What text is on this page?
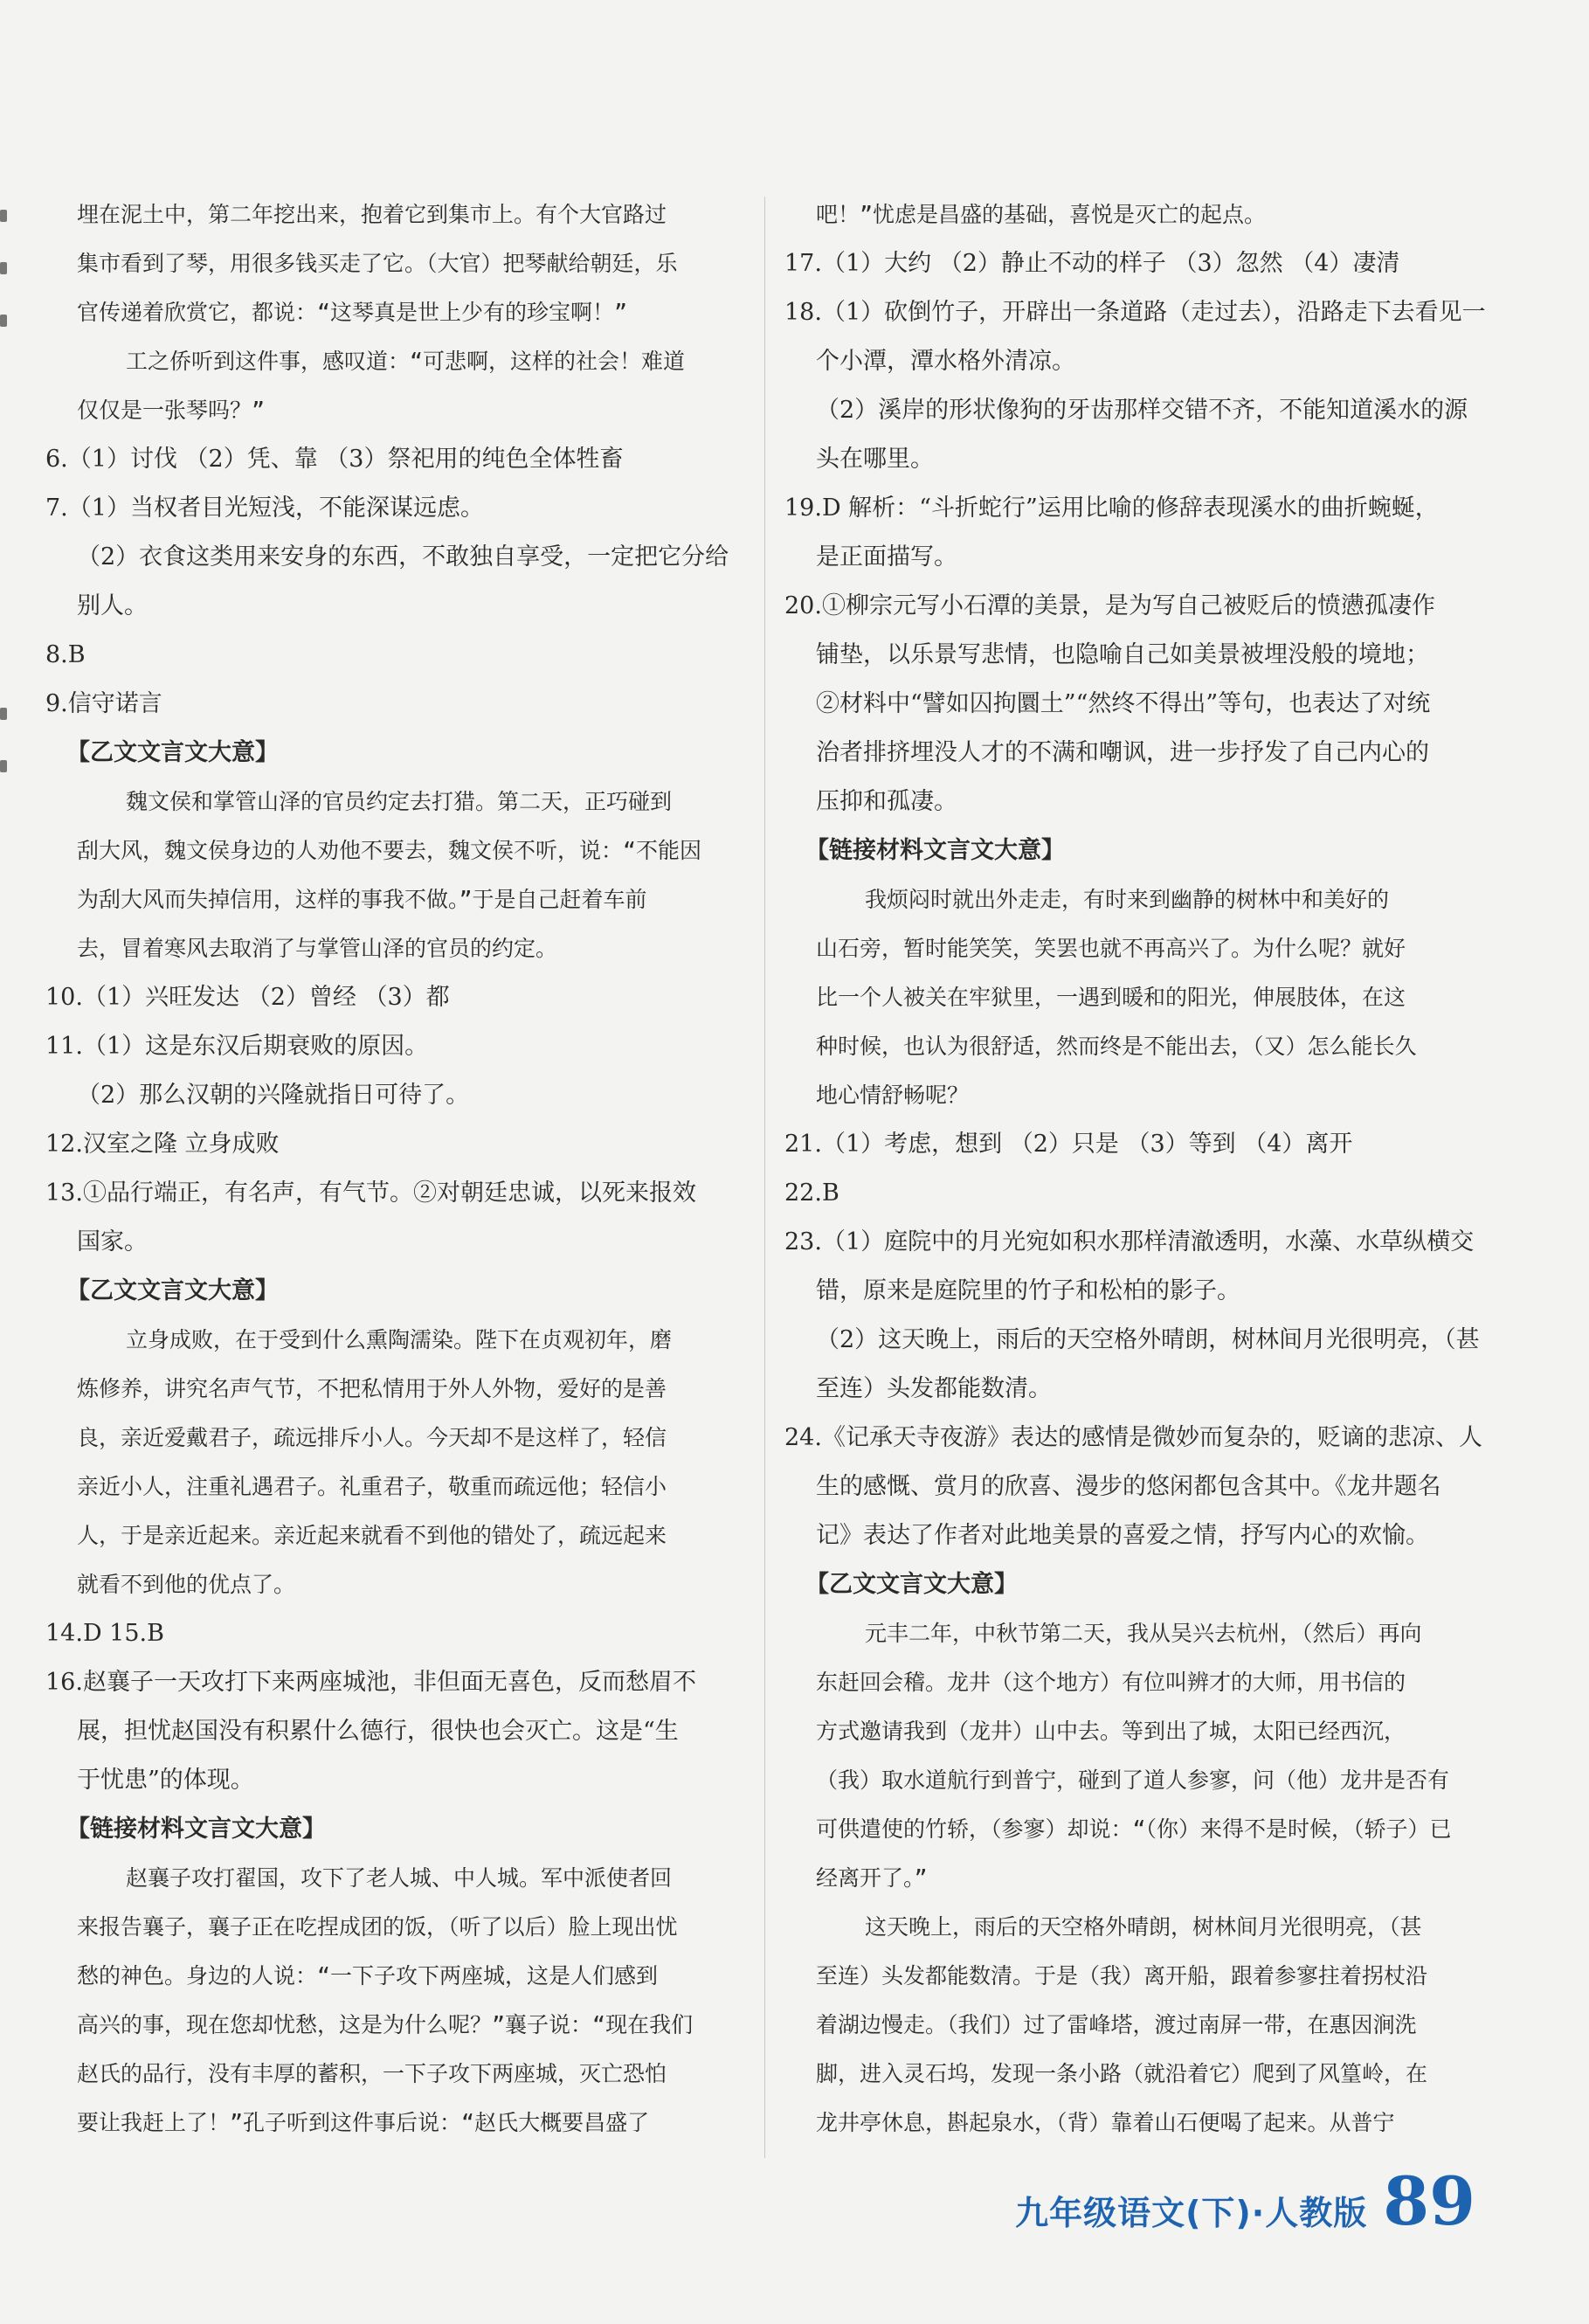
埋在泥土中，第二年挖出来，抱着它到集市上。有个大官路过

集市看到了琴，用很多钱买走了它。（大官）把琴献给朝廷，乐

官传递着欣赏它，都说：“这琴真是世上少有的珍宝啊！”

工之侨听到这件事，感叹道：“可悲啊，这样的社会！难道

仅仅是一张琴吗？”

6.（1）讨伐 （2）凭、靠 （3）祭祀用的纯色全体牲畜

7.（1）当权者目光短浅，不能深谋远虑。

（2）衣食这类用来安身的东西，不敢独自享受，一定把它分给

别人。

8.B

9.信守诺言

【乙文文言文大意】

魏文侯和掌管山泽的官员约定去打猎。第二天，正巧碰到

刮大风，魏文侯身边的人劝他不要去，魏文侯不听，说：“不能因

为刮大风而失掉信用，这样的事我不做。”于是自己赶着车前

去，冒着寒风去取消了与掌管山泽的官员的约定。

10.（1）兴旺发达 （2）曾经 （3）都

11.（1）这是东汉后期衰败的原因。

（2）那么汉朝的兴隆就指日可待了。

12.汉室之隆 立身成败

13.①品行端正，有名声，有气节。②对朝廷忠诚，以死来报效

国家。

【乙文文言文大意】

立身成败，在于受到什么熏陶濡染。陛下在贞观初年，磨

炼修养，讲究名声气节，不把私情用于外人外物，爱好的是善

良，亲近爱戴君子，疏远排斥小人。今天却不是这样了，轻信

亲近小人，注重礼遇君子。礼重君子，敬重而疏远他；轻信小

人，于是亲近起来。亲近起来就看不到他的错处了，疏远起来

就看不到他的优点了。

14.D 15.B

16.赵襄子一天攻打下来两座城池，非但面无喜色，反而愁眉不

展，担忧赵国没有积累什么德行，很快也会灭亡。这是“生

于忧患”的体现。

【链接材料文言文大意】

赵襄子攻打翟国，攻下了老人城、中人城。军中派使者回

来报告襄子，襄子正在吃捏成团的饭，（听了以后）脸上现出忧

愁的神色。身边的人说：“一下子攻下两座城，这是人们感到

高兴的事，现在您却忧愁，这是为什么呢？”襄子说：“现在我们

赵氏的品行，没有丰厚的蓄积，一下子攻下两座城，灭亡恐怕

要让我赶上了！”孔子听到这件事后说：“赵氏大概要昌盛了

吧！”忧虑是昌盛的基础，喜悦是灭亡的起点。

17.（1）大约 （2）静止不动的样子 （3）忽然 （4）凄清

18.（1）砍倒竹子，开辟出一条道路（走过去），沿路走下去看见一

个小潭，潭水格外清凉。

（2）溪岸的形状像狗的牙齿那样交错不齐，不能知道溪水的源

头在哪里。

19.D 解析：“斗折蛇行”运用比喻的修辞表现溪水的曲折蜿蜒，

是正面描写。

20.①柳宗元写小石潭的美景，是为写自己被贬后的愤懑孤凄作

铺垫，以乐景写悲情，也隐喻自己如美景被埋没般的境地；

②材料中“譬如囚拘圜土”“然终不得出”等句，也表达了对统

治者排挤埋没人才的不满和嘲讽，进一步抒发了自己内心的

压抑和孤凄。

【链接材料文言文大意】

我烦闷时就出外走走，有时来到幽静的树林中和美好的

山石旁，暂时能笑笑，笑罢也就不再高兴了。为什么呢？就好

比一个人被关在牢狱里，一遇到暖和的阳光，伸展肢体，在这

种时候，也认为很舒适，然而终是不能出去，（又）怎么能长久

地心情舒畅呢？

21.（1）考虑，想到 （2）只是 （3）等到 （4）离开

22.B

23.（1）庭院中的月光宛如积水那样清澈透明，水藻、水草纵横交

错，原来是庭院里的竹子和松柏的影子。

（2）这天晚上，雨后的天空格外晴朗，树林间月光很明亮，（甚

至连）头发都能数清。

24.《记承天寺夜游》表达的感情是微妙而复杂的，贬谪的悲凉、人

生的感慨、赏月的欣喜、漫步的悠闲都包含其中。《龙井题名

记》表达了作者对此地美景的喜爱之情，抒写内心的欢愉。

【乙文文言文大意】

元丰二年，中秋节第二天，我从吴兴去杭州，（然后）再向

东赶回会稽。龙井（这个地方）有位叫辨才的大师，用书信的

方式邀请我到（龙井）山中去。等到出了城，太阳已经西沉，

（我）取水道航行到普宁，碰到了道人参寥，问（他）龙井是否有

可供遣使的竹轿，（参寥）却说：“（你）来得不是时候，（轿子）已

经离开了。”

这天晚上，雨后的天空格外晴朗，树林间月光很明亮，（甚

至连）头发都能数清。于是（我）离开船，跟着参寥拄着拐杖沿

着湖边慢走。（我们）过了雷峰塔，渡过南屏一带，在惠因涧洗

脚，进入灵石坞，发现一条小路（就沿着它）爬到了风篁岭，在

龙井亭休息，斟起泉水，（背）靠着山石便喝了起来。从普宁

九年级语文(下)·人教版 89
